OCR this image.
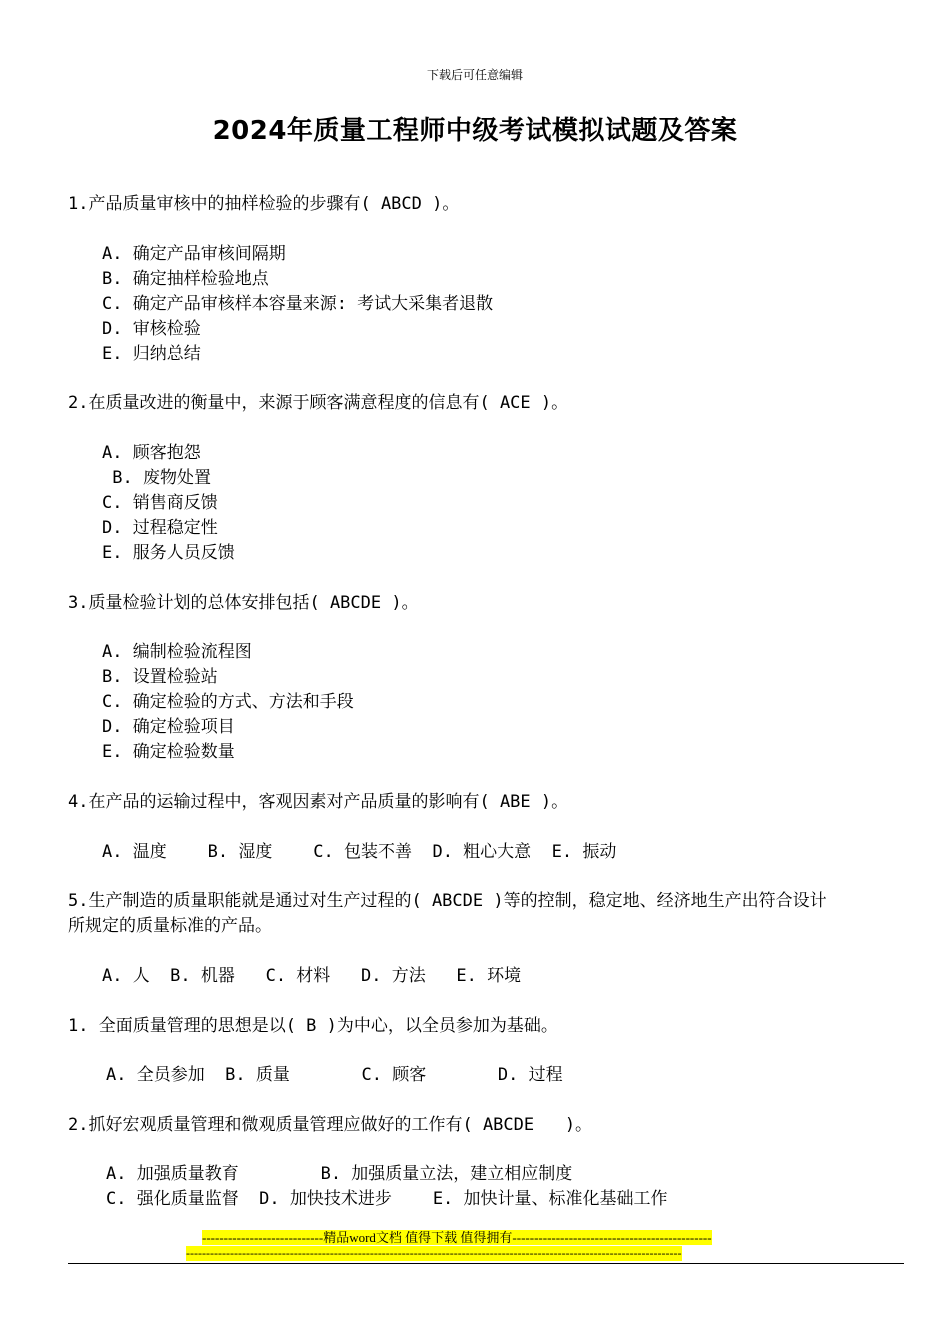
下载后可任意编辑
2024年质量工程师中级考试模拟试题及答案
1.产品质量审核中的抽样检验的步骤有( ABCD )。
A. 确定产品审核间隔期
B. 确定抽样检验地点
C. 确定产品审核样本容量来源: 考试大采集者退散
D. 审核检验
E. 归纳总结
2.在质量改进的衡量中，来源于顾客满意程度的信息有( ACE )。
A. 顾客抱怨
B. 废物处置
C. 销售商反馈
D. 过程稳定性
E. 服务人员反馈
3.质量检验计划的总体安排包括( ABCDE )。
A. 编制检验流程图
B. 设置检验站
C. 确定检验的方式、方法和手段
D. 确定检验项目
E. 确定检验数量
4.在产品的运输过程中，客观因素对产品质量的影响有( ABE )。
A. 温度    B. 湿度    C. 包装不善  D. 粗心大意  E. 振动
5.生产制造的质量职能就是通过对生产过程的( ABCDE )等的控制，稳定地、经济地生产出符合设计
所规定的质量标准的产品。
A. 人  B. 机器   C. 材料   D. 方法   E. 环境
1. 全面质量管理的思想是以( B )为中心，以全员参加为基础。
A. 全员参加  B. 质量       C. 顾客       D. 过程
2.抓好宏观质量管理和微观质量管理应做好的工作有( ABCDE   )。
A. 加强质量教育        B. 加强质量立法，建立相应制度
C. 强化质量监督  D. 加快技术进步    E. 加快计量、标准化基础工作
----------------------------精品word文档 值得下载 值得拥有----------------------------------------------
----------------------------------------------------------------------------------------------------------------------------
